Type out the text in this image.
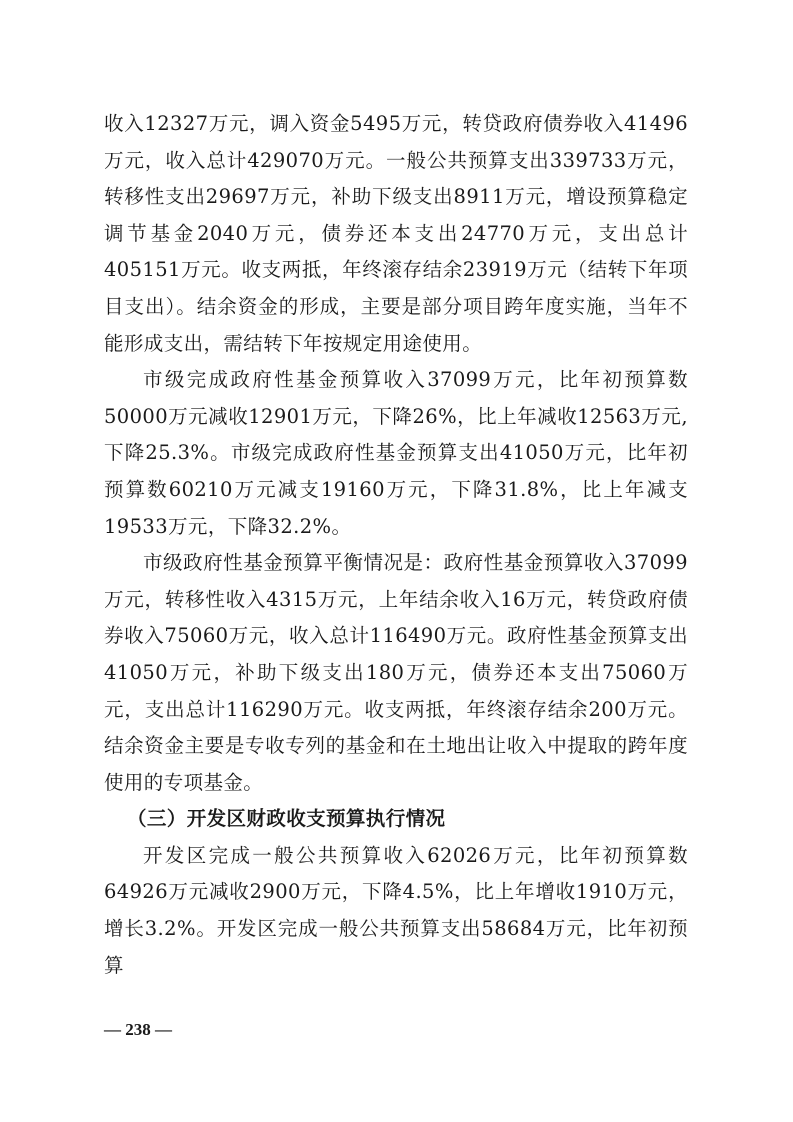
收入12327万元，调入资金5495万元，转贷政府债券收入41496万元，收入总计429070万元。一般公共预算支出339733万元，转移性支出29697万元，补助下级支出8911万元，增设预算稳定调节基金2040万元，债券还本支出24770万元，支出总计405151万元。收支两抵，年终滚存结余23919万元（结转下年项目支出）。结余资金的形成，主要是部分项目跨年度实施，当年不能形成支出，需结转下年按规定用途使用。

市级完成政府性基金预算收入37099万元，比年初预算数50000万元减收12901万元，下降26%，比上年减收12563万元,下降25.3%。市级完成政府性基金预算支出41050万元，比年初预算数60210万元减支19160万元，下降31.8%，比上年减支19533万元，下降32.2%。

市级政府性基金预算平衡情况是：政府性基金预算收入37099万元，转移性收入4315万元，上年结余收入16万元，转贷政府债券收入75060万元，收入总计116490万元。政府性基金预算支出41050万元，补助下级支出180万元，债券还本支出75060万元，支出总计116290万元。收支两抵，年终滚存结余200万元。结余资金主要是专收专列的基金和在土地出让收入中提取的跨年度使用的专项基金。

（三）开发区财政收支预算执行情况

开发区完成一般公共预算收入62026万元，比年初预算数64926万元减收2900万元，下降4.5%，比上年增收1910万元，增长3.2%。开发区完成一般公共预算支出58684万元，比年初预算

— 238 —
